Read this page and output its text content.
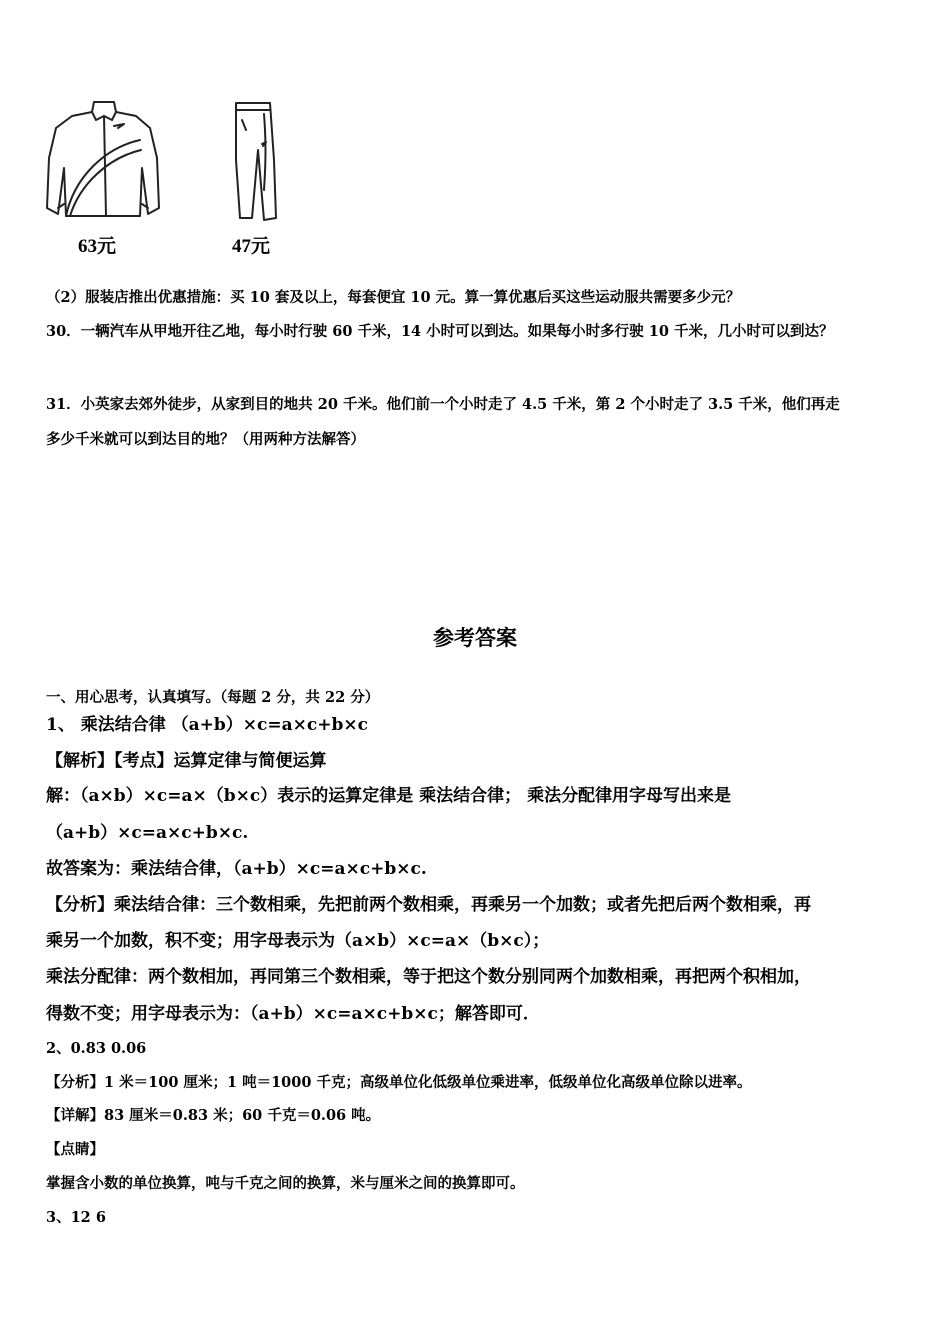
63元	47元
（2）服装店推出优惠措施：买 10 套及以上，每套便宜 10 元。算一算优惠后买这些运动服共需要多少元？
30．一辆汽车从甲地开往乙地，每小时行驶 60 千米，14 小时可以到达。如果每小时多行驶 10 千米，几小时可以到达？
31．小英家去郊外徒步，从家到目的地共 20 千米。他们前一个小时走了 4.5 千米，第 2 个小时走了 3.5 千米，他们再走
多少千米就可以到达目的地？（用两种方法解答）
参考答案
一、用心思考，认真填写。（每题 2 分，共 22 分）
1、 乘法结合律 （a+b）×c=a×c+b×c
【解析】【考点】运算定律与简便运算
解：（a×b）×c=a×（b×c）表示的运算定律是 乘法结合律； 乘法分配律用字母写出来是
（a+b）×c=a×c+b×c.
故答案为：乘法结合律，（a+b）×c=a×c+b×c.
【分析】乘法结合律：三个数相乘，先把前两个数相乘，再乘另一个加数；或者先把后两个数相乘，再
乘另一个加数，积不变；用字母表示为（a×b）×c=a×（b×c）；
乘法分配律：两个数相加，再同第三个数相乘，等于把这个数分别同两个加数相乘，再把两个积相加，
得数不变；用字母表示为：（a+b）×c=a×c+b×c；解答即可．
2、0.83 0.06
【分析】1 米＝100 厘米；1 吨＝1000 千克；高级单位化低级单位乘进率，低级单位化高级单位除以进率。
【详解】83 厘米＝0.83 米；60 千克＝0.06 吨。
【点睛】
掌握含小数的单位换算，吨与千克之间的换算，米与厘米之间的换算即可。
3、12 6
